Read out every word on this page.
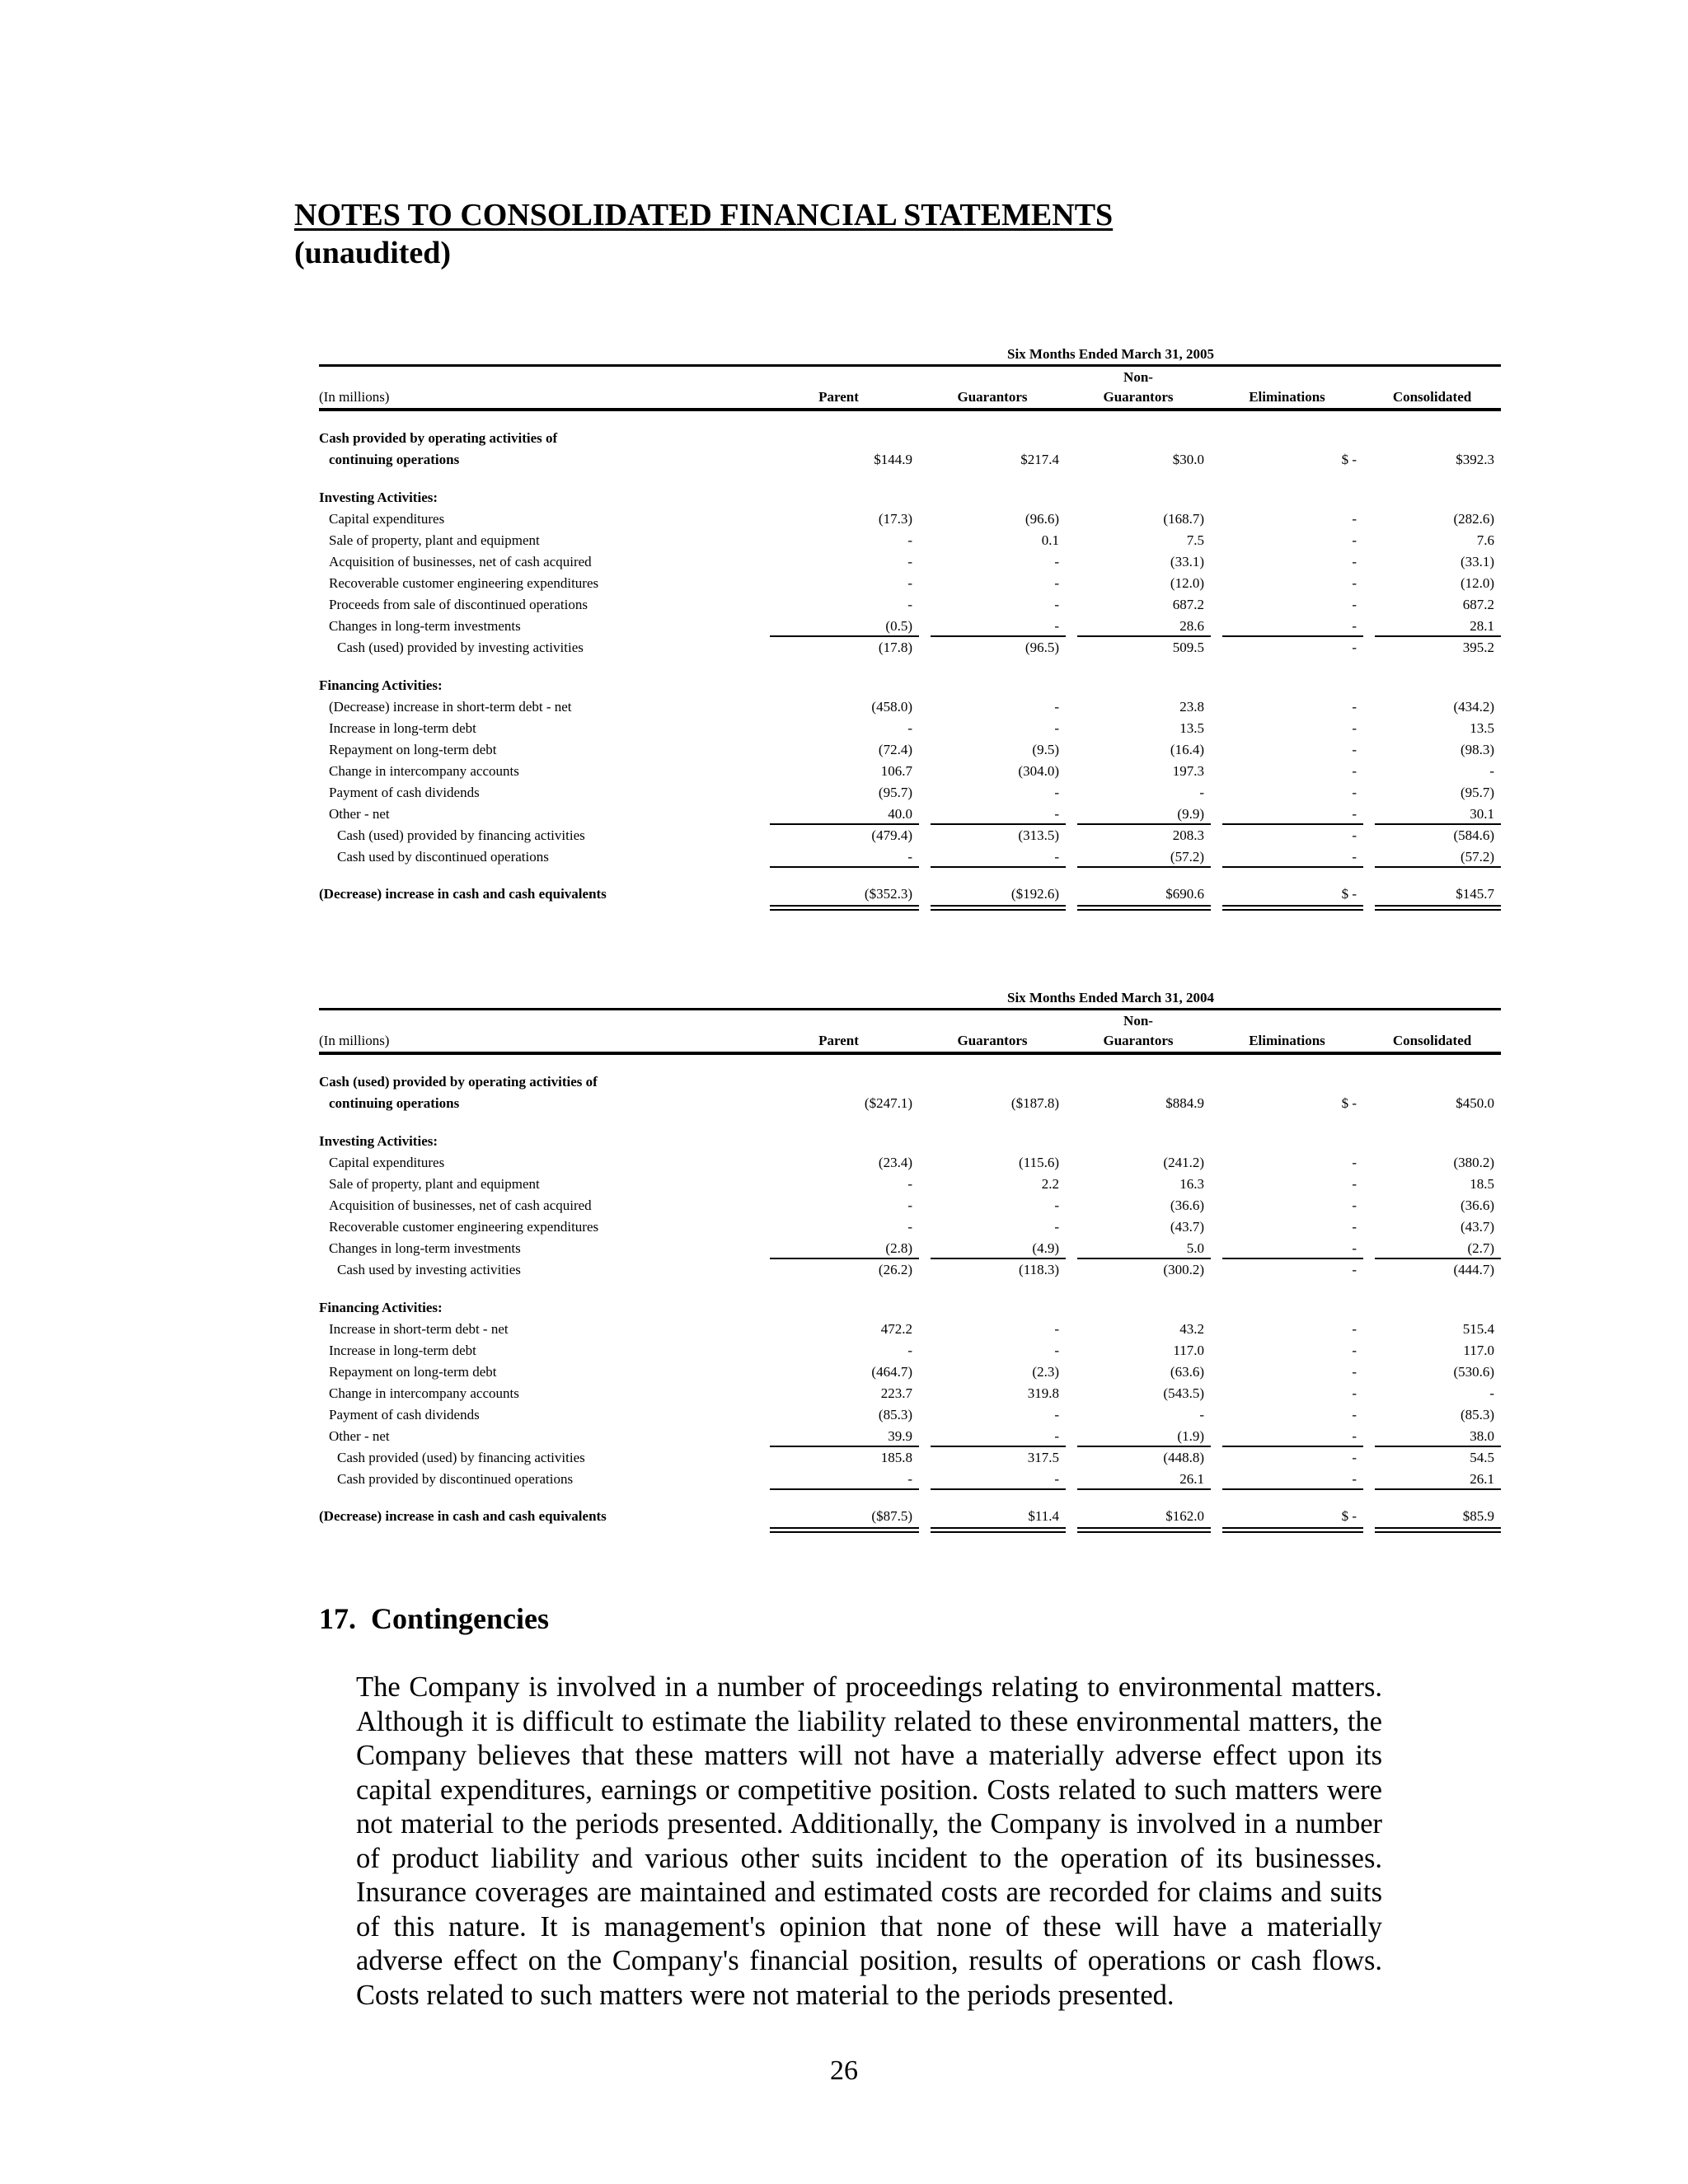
NOTES TO CONSOLIDATED FINANCIAL STATEMENTS
(unaudited)
Six Months Ended March 31, 2005					
			Non-		
(In millions)	Parent	Guarantors	Guarantors	Eliminations	Consolidated

Cash provided by operating activities of					
continuing operations	$144.9	$217.4	$30.0	$ -	$392.3

Investing Activities:					
Capital expenditures	(17.3)	(96.6)	(168.7)	-	(282.6)
Sale of property, plant and equipment	-	0.1	7.5	-	7.6
Acquisition of businesses, net of cash acquired	-	-	(33.1)	-	(33.1)
Recoverable customer engineering expenditures	-	-	(12.0)	-	(12.0)
Proceeds from sale of discontinued operations	-	-	687.2	-	687.2
Changes in long-term investments	(0.5)	-	28.6	-	28.1
Cash (used) provided by investing activities	(17.8)	(96.5)	509.5	-	395.2

Financing Activities:					
(Decrease) increase in short-term debt - net	(458.0)	-	23.8	-	(434.2)
Increase in long-term debt	-	-	13.5	-	13.5
Repayment on long-term debt	(72.4)	(9.5)	(16.4)	-	(98.3)
Change in intercompany accounts	106.7	(304.0)	197.3	-	-
Payment of cash dividends	(95.7)	-	-	-	(95.7)
Other - net	40.0	-	(9.9)	-	30.1
Cash (used) provided by financing activities	(479.4)	(313.5)	208.3	-	(584.6)
Cash used by discontinued operations	-	-	(57.2)	-	(57.2)

(Decrease) increase in cash and cash equivalents	($352.3)	($192.6)	$690.6	$ -	$145.7
Six Months Ended March 31, 2004					
			Non-		
(In millions)	Parent	Guarantors	Guarantors	Eliminations	Consolidated

Cash (used) provided by operating activities of					
continuing operations	($247.1)	($187.8)	$884.9	$ -	$450.0

Investing Activities:					
Capital expenditures	(23.4)	(115.6)	(241.2)	-	(380.2)
Sale of property, plant and equipment	-	2.2	16.3	-	18.5
Acquisition of businesses, net of cash acquired	-	-	(36.6)	-	(36.6)
Recoverable customer engineering expenditures	-	-	(43.7)	-	(43.7)
Changes in long-term investments	(2.8)	(4.9)	5.0	-	(2.7)
Cash used by investing activities	(26.2)	(118.3)	(300.2)	-	(444.7)

Financing Activities:					
Increase in short-term debt - net	472.2	-	43.2	-	515.4
Increase in long-term debt	-	-	117.0	-	117.0
Repayment on long-term debt	(464.7)	(2.3)	(63.6)	-	(530.6)
Change in intercompany accounts	223.7	319.8	(543.5)	-	-
Payment of cash dividends	(85.3)	-	-	-	(85.3)
Other - net	39.9	-	(1.9)	-	38.0
Cash provided (used) by financing activities	185.8	317.5	(448.8)	-	54.5
Cash provided by discontinued operations	-	-	26.1	-	26.1

(Decrease) increase in cash and cash equivalents	($87.5)	$11.4	$162.0	$ -	$85.9
17. Contingencies

The Company is involved in a number of proceedings relating to environmental matters. Although it is difficult to estimate the liability related to these environmental matters, the Company believes that these matters will not have a materially adverse effect upon its capital expenditures, earnings or competitive position. Costs related to such matters were not material to the periods presented. Additionally, the Company is involved in a number of product liability and various other suits incident to the operation of its businesses. Insurance coverages are maintained and estimated costs are recorded for claims and suits of this nature. It is management's opinion that none of these will have a materially adverse effect on the Company's financial position, results of operations or cash flows. Costs related to such matters were not material to the periods presented.

26
